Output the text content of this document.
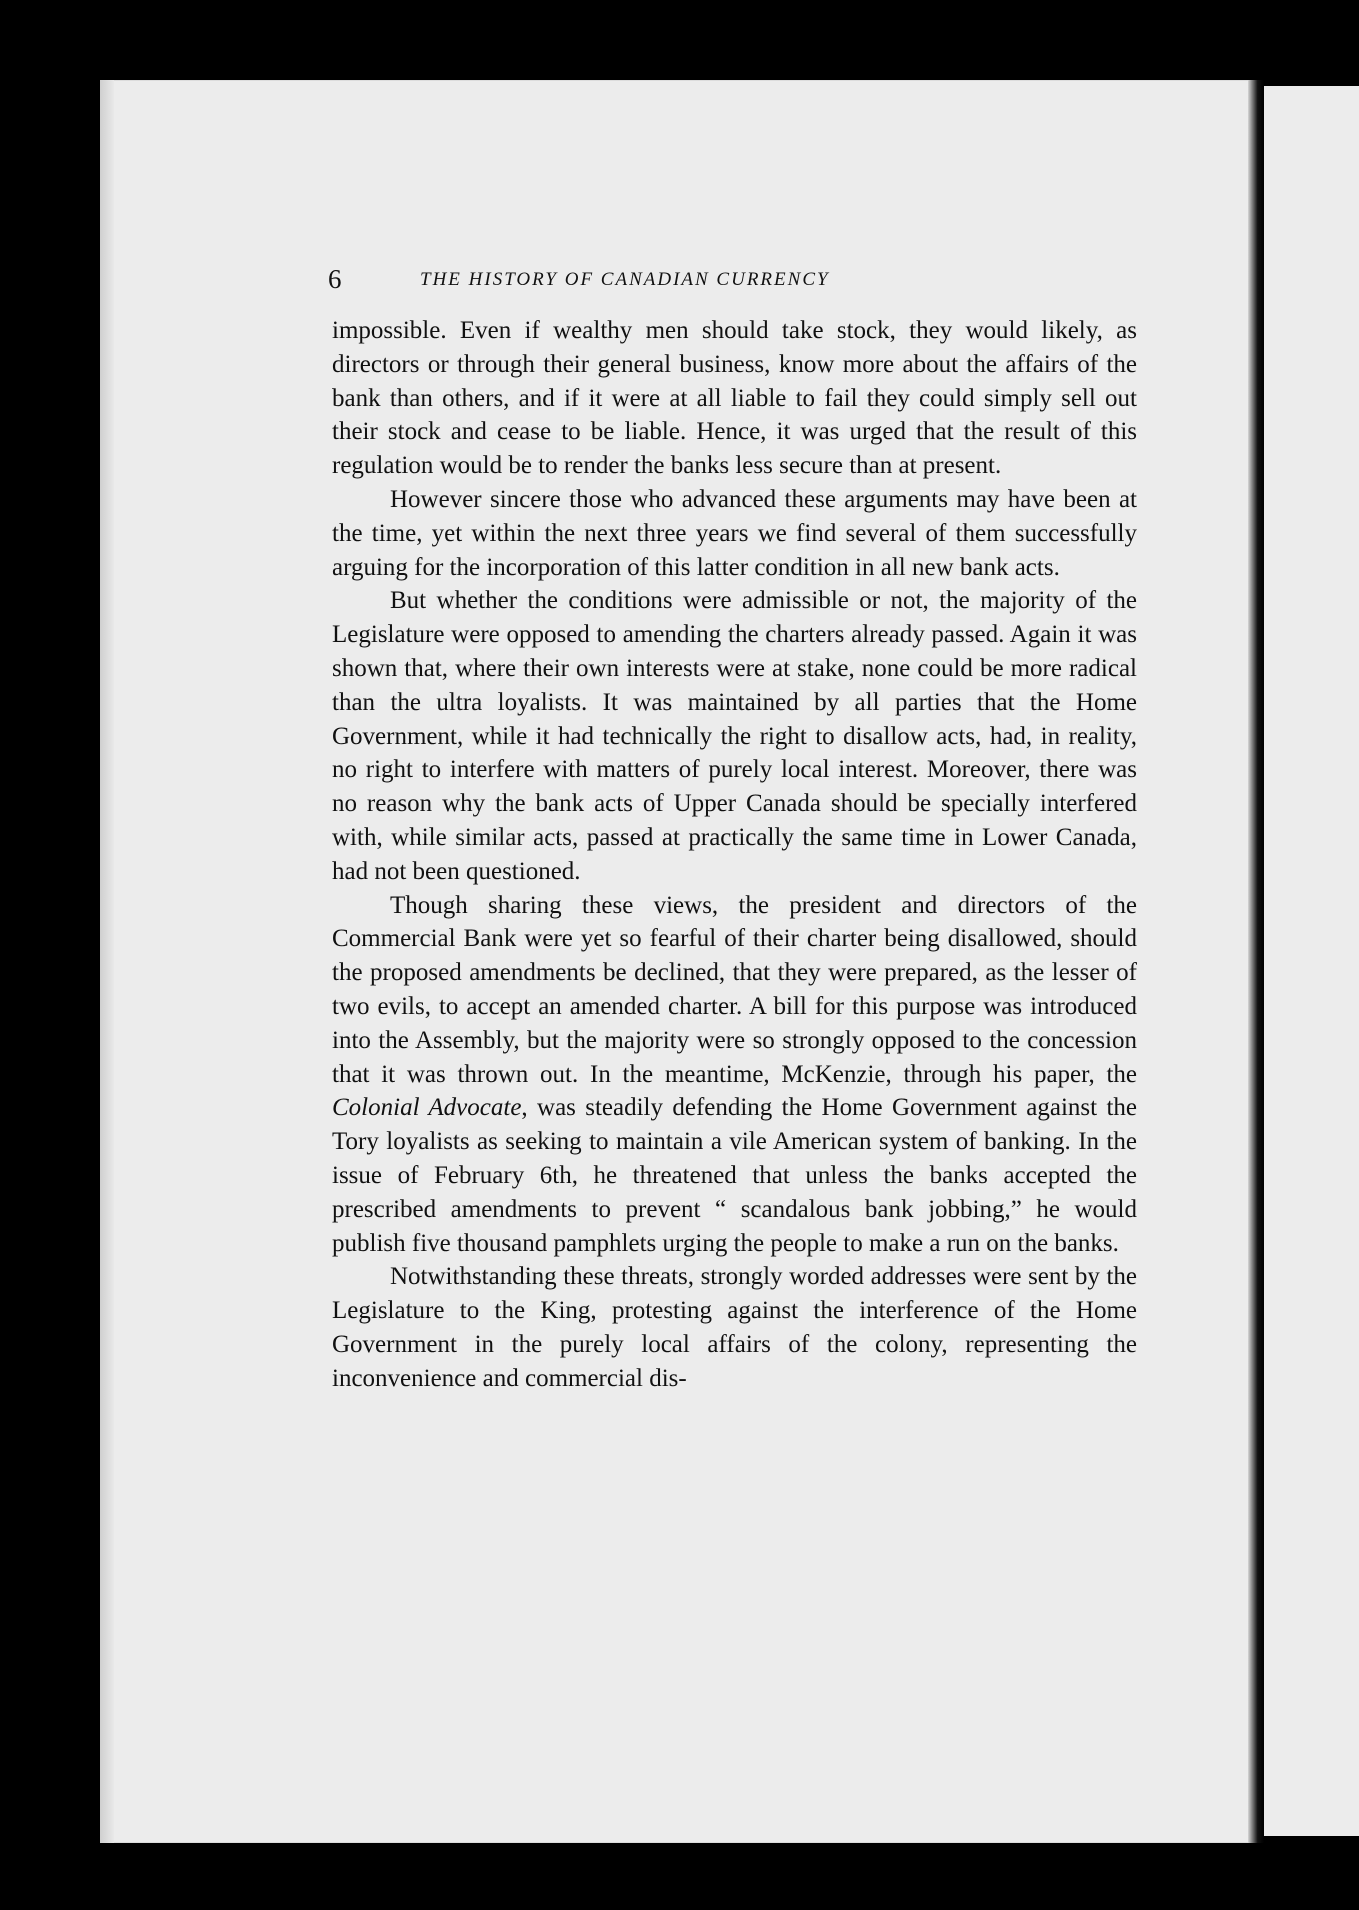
6	THE HISTORY OF CANADIAN CURRENCY

impossible. Even if wealthy men should take stock, they would likely, as directors or through their general business, know more about the affairs of the bank than others, and if it were at all liable to fail they could simply sell out their stock and cease to be liable. Hence, it was urged that the result of this regulation would be to render the banks less secure than at present.

However sincere those who advanced these arguments may have been at the time, yet within the next three years we find several of them successfully arguing for the incorporation of this latter condition in all new bank acts.

But whether the conditions were admissible or not, the majority of the Legislature were opposed to amending the charters already passed. Again it was shown that, where their own interests were at stake, none could be more radical than the ultra loyalists. It was maintained by all parties that the Home Government, while it had technically the right to disallow acts, had, in reality, no right to interfere with matters of purely local interest. Moreover, there was no reason why the bank acts of Upper Canada should be specially interfered with, while similar acts, passed at practically the same time in Lower Canada, had not been questioned.

Though sharing these views, the president and directors of the Commercial Bank were yet so fearful of their charter being disallowed, should the proposed amendments be declined, that they were prepared, as the lesser of two evils, to accept an amended charter. A bill for this purpose was introduced into the Assembly, but the majority were so strongly opposed to the concession that it was thrown out. In the meantime, McKenzie, through his paper, the Colonial Advocate, was steadily defending the Home Government against the Tory loyalists as seeking to maintain a vile American system of banking. In the issue of February 6th, he threatened that unless the banks accepted the prescribed amendments to prevent “ scandalous bank jobbing,” he would publish five thousand pamphlets urging the people to make a run on the banks.

Notwithstanding these threats, strongly worded addresses were sent by the Legislature to the King, protesting against the interference of the Home Government in the purely local affairs of the colony, representing the inconvenience and commercial dis-
